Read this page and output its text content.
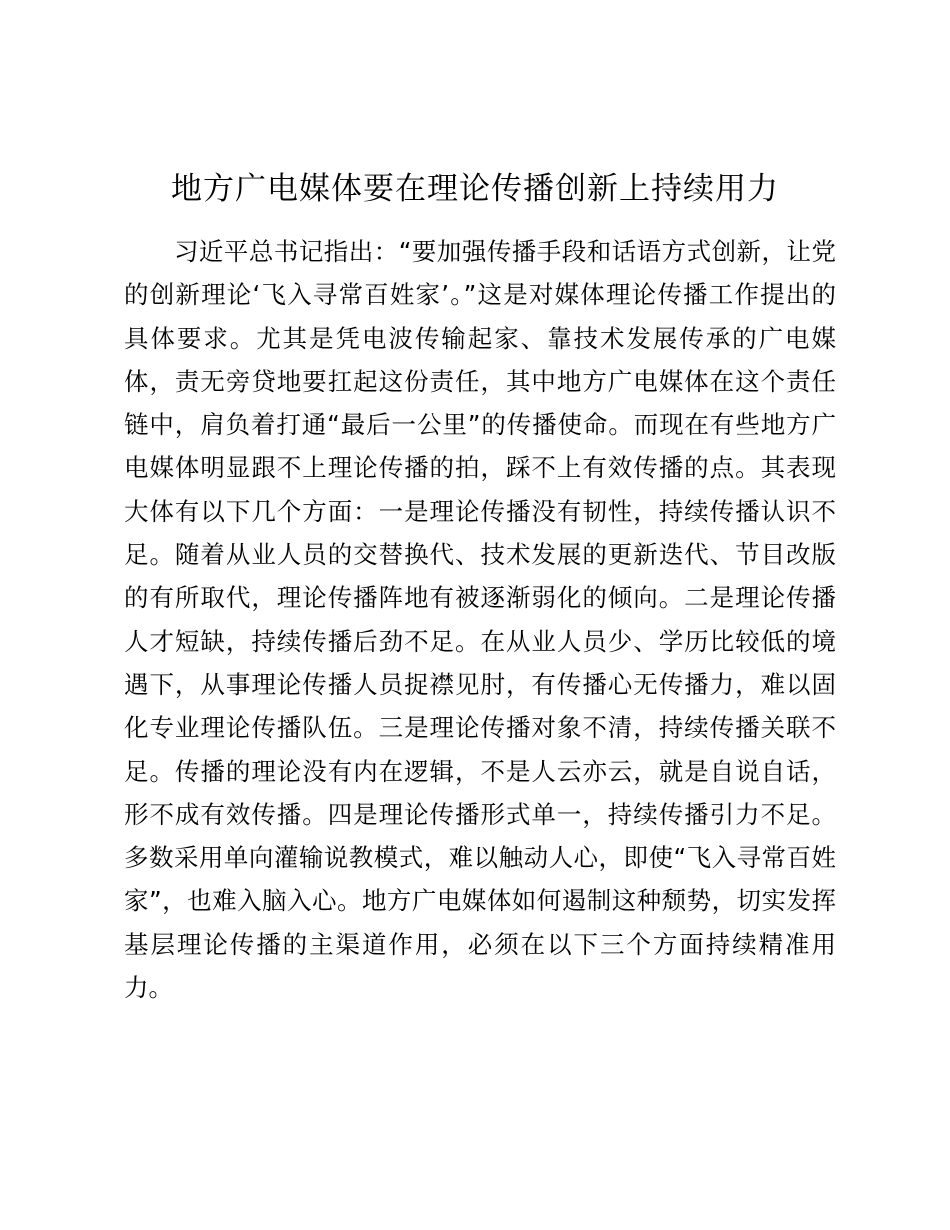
地方广电媒体要在理论传播创新上持续用力
　　习近平总书记指出：“要加强传播手段和话语方式创新，让党
的创新理论‘飞入寻常百姓家’。”这是对媒体理论传播工作提出的
具体要求。尤其是凭电波传输起家、靠技术发展传承的广电媒
体，责无旁贷地要扛起这份责任，其中地方广电媒体在这个责任
链中，肩负着打通“最后一公里”的传播使命。而现在有些地方广
电媒体明显跟不上理论传播的拍，踩不上有效传播的点。其表现
大体有以下几个方面：一是理论传播没有韧性，持续传播认识不
足。随着从业人员的交替换代、技术发展的更新迭代、节目改版
的有所取代，理论传播阵地有被逐渐弱化的倾向。二是理论传播
人才短缺，持续传播后劲不足。在从业人员少、学历比较低的境
遇下，从事理论传播人员捉襟见肘，有传播心无传播力，难以固
化专业理论传播队伍。三是理论传播对象不清，持续传播关联不
足。传播的理论没有内在逻辑，不是人云亦云，就是自说自话，
形不成有效传播。四是理论传播形式单一，持续传播引力不足。
多数采用单向灌输说教模式，难以触动人心，即使“飞入寻常百姓
家”，也难入脑入心。地方广电媒体如何遏制这种颓势，切实发挥
基层理论传播的主渠道作用，必须在以下三个方面持续精准用
力。
